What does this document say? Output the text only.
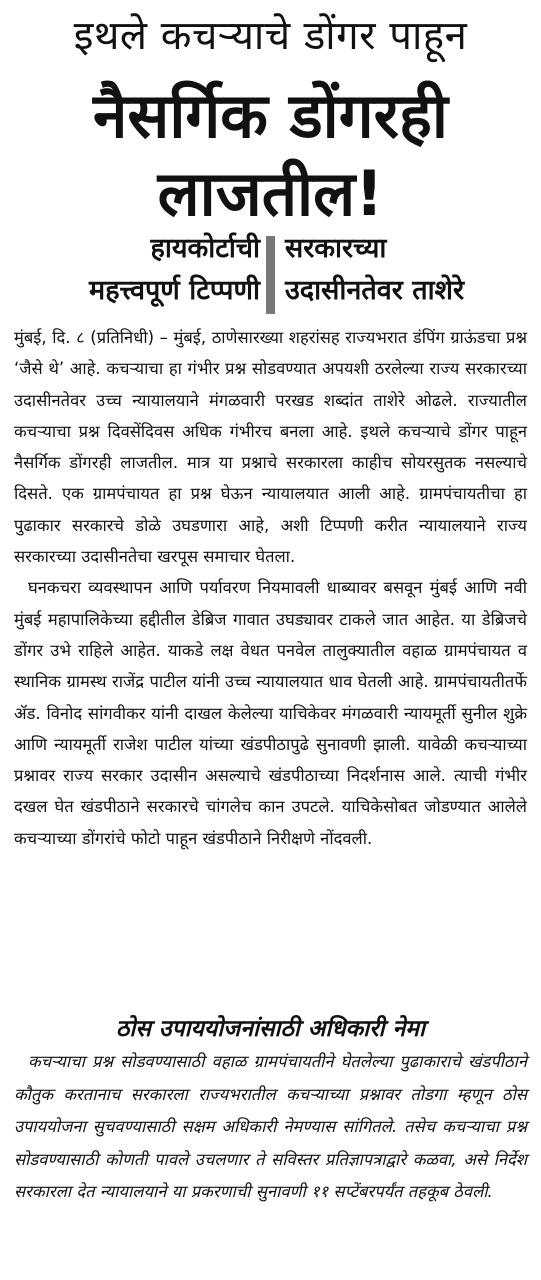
इथले कचऱ्याचे डोंगर पाहून
नैसर्गिक डोंगरही
लाजतील!
हायकोर्टाची
महत्त्वपूर्ण टिप्पणी
सरकारच्या
उदासीनतेवर ताशेरे

मुंबई, दि. ८ (प्रतिनिधी) – मुंबई, ठाणेसारख्या शहरांसह राज्यभरात डंपिंग ग्राऊंडचा प्रश्न ‘जैसे थे’ आहे. कचऱ्याचा हा गंभीर प्रश्न सोडवण्यात अपयशी ठरलेल्या राज्य सरकारच्या उदासीनतेवर उच्च न्यायालयाने मंगळवारी परखड शब्दांत ताशेरे ओढले. राज्यातील कचऱ्याचा प्रश्न दिवसेंदिवस अधिक गंभीरच बनला आहे. इथले कचऱ्याचे डोंगर पाहून नैसर्गिक डोंगरही लाजतील. मात्र या प्रश्नाचे सरकारला काहीच सोयरसुतक नसल्याचे दिसते. एक ग्रामपंचायत हा प्रश्न घेऊन न्यायालयात आली आहे. ग्रामपंचायतीचा हा पुढाकार सरकारचे डोळे उघडणारा आहे, अशी टिप्पणी करीत न्यायालयाने राज्य सरकारच्या उदासीनतेचा खरपूस समाचार घेतला.

घनकचरा व्यवस्थापन आणि पर्यावरण नियमावली धाब्यावर बसवून मुंबई आणि नवी मुंबई महापालिकेच्या हद्दीतील डेब्रिज गावात उघड्यावर टाकले जात आहेत. या डेब्रिजचे डोंगर उभे राहिले आहेत. याकडे लक्ष वेधत पनवेल तालुक्यातील वहाळ ग्रामपंचायत व स्थानिक ग्रामस्थ राजेंद्र पाटील यांनी उच्च न्यायालयात धाव घेतली आहे. ग्रामपंचायतीतर्फे ॲड. विनोद सांगवीकर यांनी दाखल केलेल्या याचिकेवर मंगळवारी न्यायमूर्ती सुनील शुक्रे आणि न्यायमूर्ती राजेश पाटील यांच्या खंडपीठापुढे सुनावणी झाली. यावेळी कचऱ्याच्या प्रश्नावर राज्य सरकार उदासीन असल्याचे खंडपीठाच्या निदर्शनास आले. त्याची गंभीर दखल घेत खंडपीठाने सरकारचे चांगलेच कान उपटले. याचिकेसोबत जोडण्यात आलेले कचऱ्याच्या डोंगरांचे फोटो पाहून खंडपीठाने निरीक्षणे नोंदवली.

ठोस उपाययोजनांसाठी अधिकारी नेमा

कचऱ्याचा प्रश्न सोडवण्यासाठी वहाळ ग्रामपंचायतीने घेतलेल्या पुढाकाराचे खंडपीठाने कौतुक करतानाच सरकारला राज्यभरातील कचऱ्याच्या प्रश्नावर तोडगा म्हणून ठोस उपाययोजना सुचवण्यासाठी सक्षम अधिकारी नेमण्यास सांगितले. तसेच कचऱ्याचा प्रश्न सोडवण्यासाठी कोणती पावले उचलणार ते सविस्तर प्रतिज्ञापत्राद्वारे कळवा, असे निर्देश सरकारला देत न्यायालयाने या प्रकरणाची सुनावणी ११ सप्टेंबरपर्यंत तहकूब ठेवली.
